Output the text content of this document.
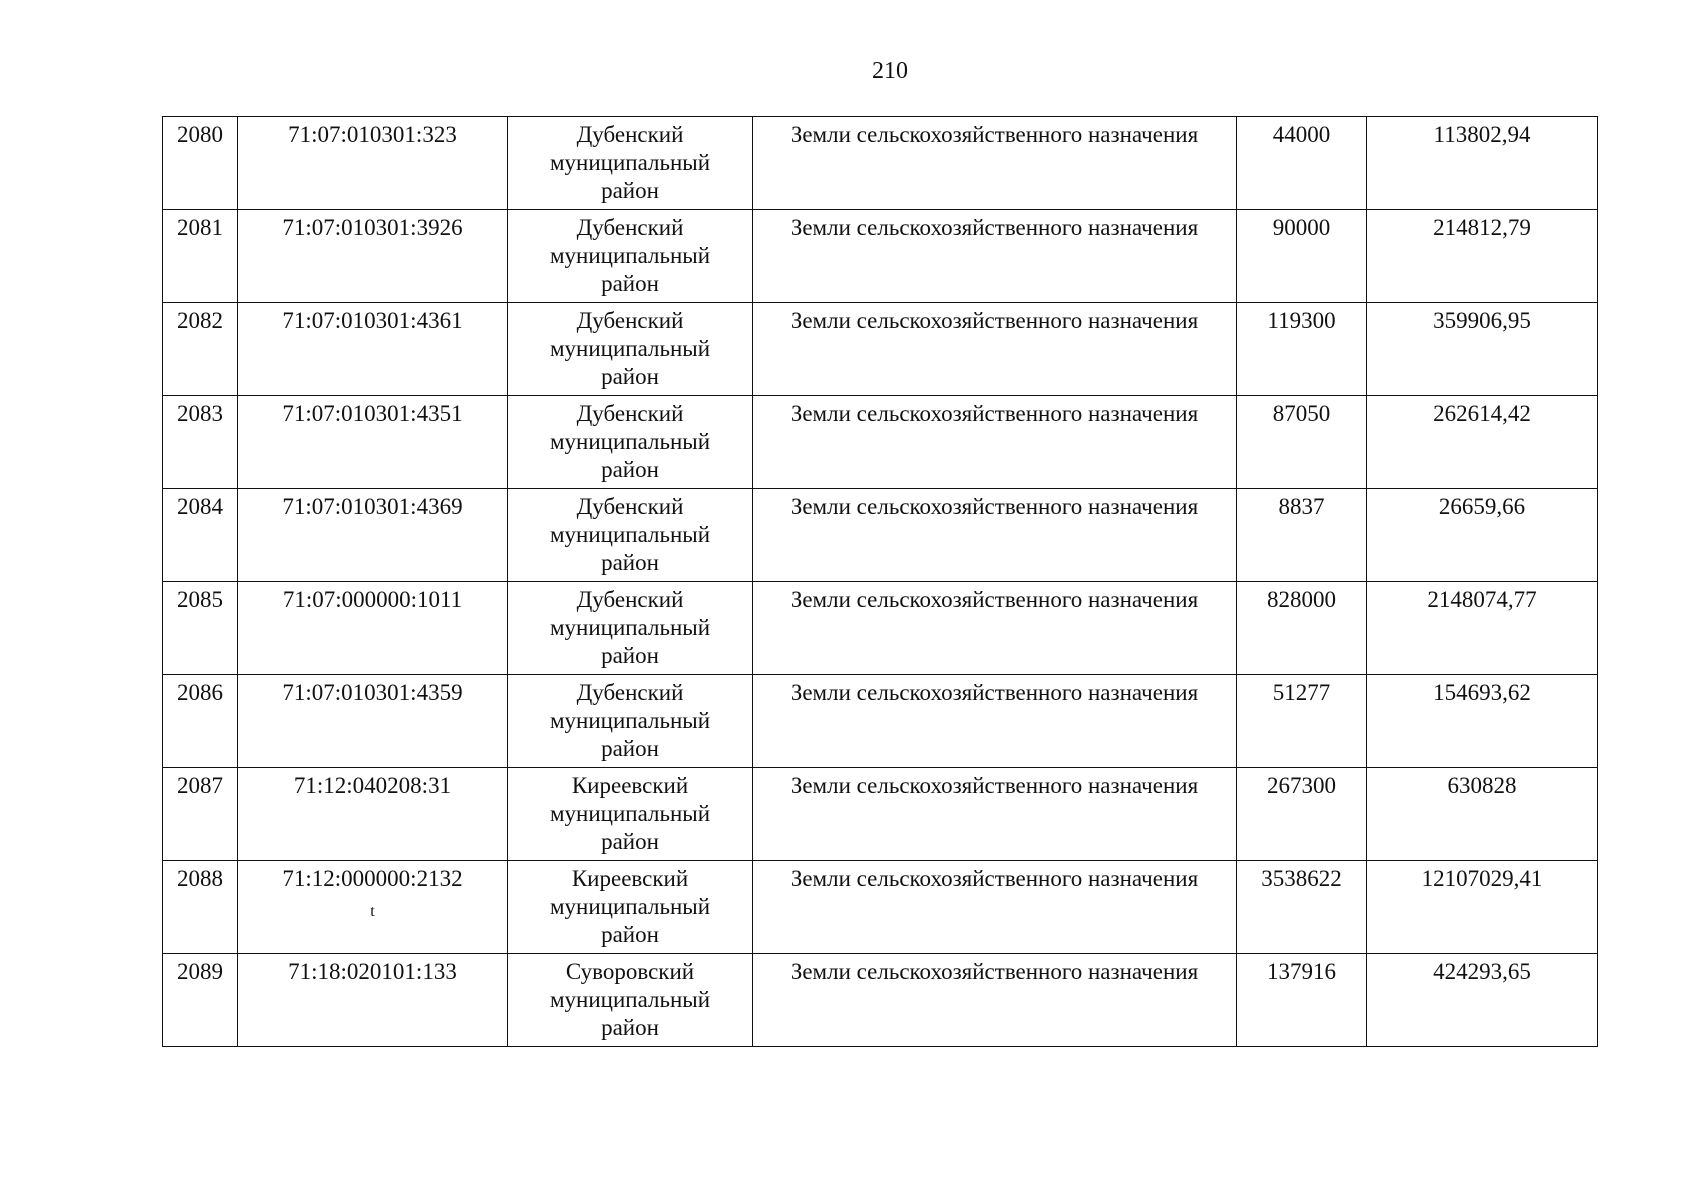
210
2080	71:07:010301:323	Дубенский
муниципальный
район	Земли сельскохозяйственного назначения	44000	113802,94
2081	71:07:010301:3926	Дубенский
муниципальный
район	Земли сельскохозяйственного назначения	90000	214812,79
2082	71:07:010301:4361	Дубенский
муниципальный
район	Земли сельскохозяйственного назначения	119300	359906,95
2083	71:07:010301:4351	Дубенский
муниципальный
район	Земли сельскохозяйственного назначения	87050	262614,42
2084	71:07:010301:4369	Дубенский
муниципальный
район	Земли сельскохозяйственного назначения	8837	26659,66
2085	71:07:000000:1011	Дубенский
муниципальный
район	Земли сельскохозяйственного назначения	828000	2148074,77
2086	71:07:010301:4359	Дубенский
муниципальный
район	Земли сельскохозяйственного назначения	51277	154693,62
2087	71:12:040208:31	Киреевский
муниципальный
район	Земли сельскохозяйственного назначения	267300	630828
2088	71:12:000000:2132
t	Киреевский
муниципальный
район	Земли сельскохозяйственного назначения	3538622	12107029,41
2089	71:18:020101:133	Суворовский
муниципальный
район	Земли сельскохозяйственного назначения	137916	424293,65
